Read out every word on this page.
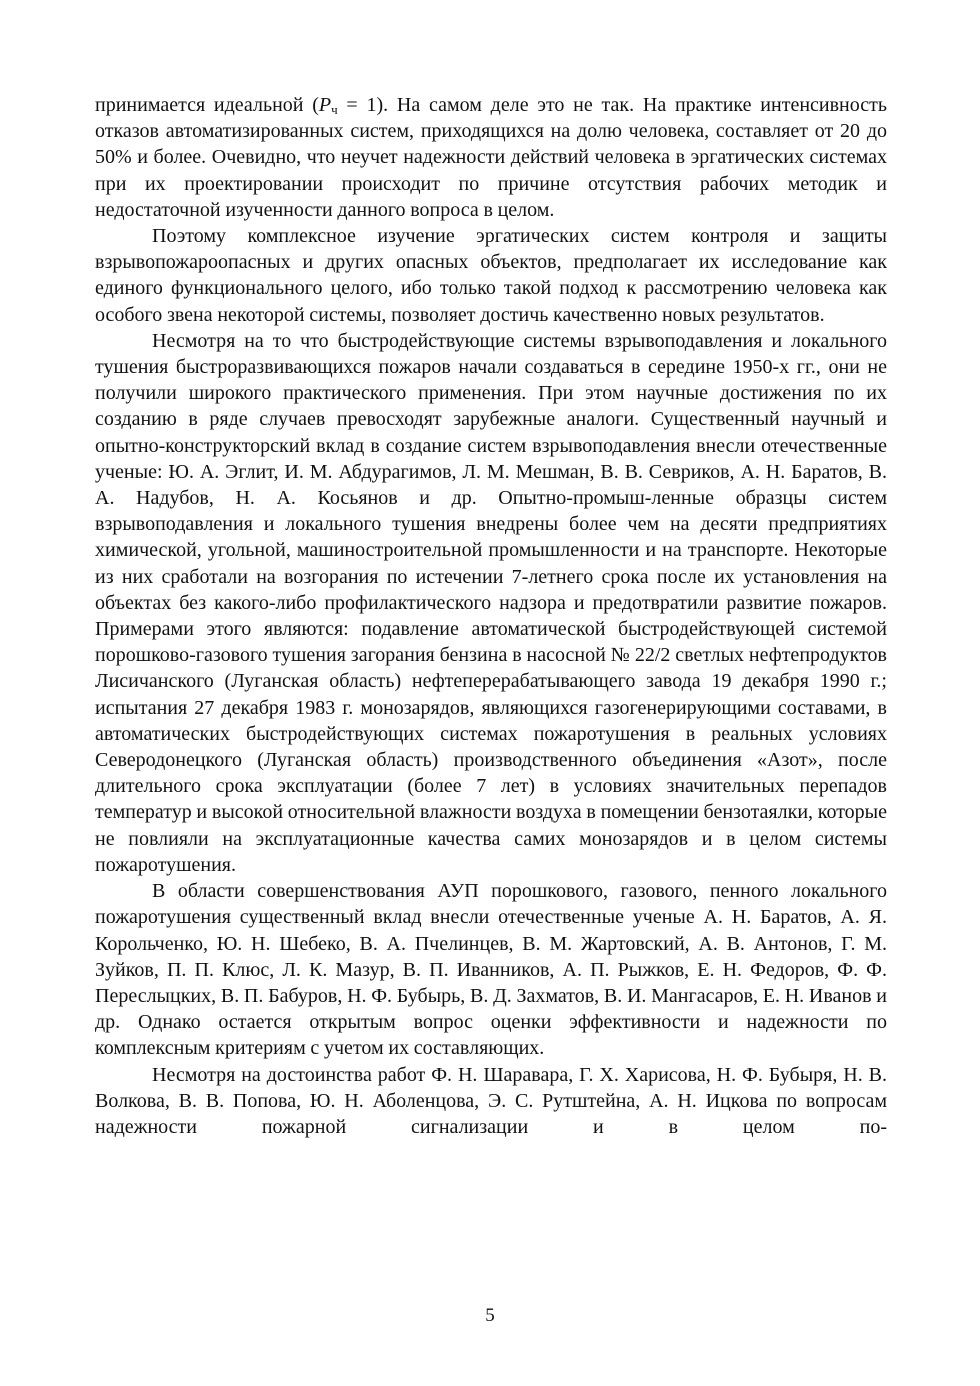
принимается идеальной $(P_ч = 1)$. На самом деле это не так. На практике интенсивность отказов автоматизированных систем, приходящихся на долю человека, составляет от 20 до 50% и более. Очевидно, что неучет надежности действий человека в эргатических системах при их проектировании происходит по причине отсутствия рабочих методик и недостаточной изученности данного вопроса в целом.

Поэтому комплексное изучение эргатических систем контроля и защиты взрывопожароопасных и других опасных объектов, предполагает их исследование как единого функционального целого, ибо только такой подход к рассмотрению человека как особого звена некоторой системы, позволяет достичь качественно новых результатов.

Несмотря на то что быстродействующие системы взрывоподавления и локального тушения быстроразвивающихся пожаров начали создаваться в середине 1950-х гг., они не получили широкого практического применения. При этом научные достижения по их созданию в ряде случаев превосходят зарубежные аналоги. Существенный научный и опытно-конструкторский вклад в создание систем взрывоподавления внесли отечественные ученые: Ю. А. Эглит, И. М. Абдурагимов, Л. М. Мешман, В. В. Севриков, А. Н. Баратов, В. А. Надубов, Н. А. Косьянов и др. Опытно-промыш-ленные образцы систем взрывоподавления и локального тушения внедрены более чем на десяти предприятиях химической, угольной, машиностроительной промышленности и на транспорте. Некоторые из них сработали на возгорания по истечении 7-летнего срока после их установления на объектах без какого-либо профилактического надзора и предотвратили развитие пожаров. Примерами этого являются: подавление автоматической быстродействующей системой порошково-газового тушения загорания бензина в насосной № 22/2 светлых нефтепродуктов Лисичанского (Луганская область) нефтеперерабатывающего завода 19 декабря 1990 г.; испытания 27 декабря 1983 г. монозарядов, являющихся газогенерирующими составами, в автоматических быстродействующих системах пожаротушения в реальных условиях Северодонецкого (Луганская область) производственного объединения «Азот», после длительного срока эксплуатации (более 7 лет) в условиях значительных перепадов температур и высокой относительной влажности воздуха в помещении бензотаялки, которые не повлияли на эксплуатационные качества самих монозарядов и в целом системы пожаротушения.

В области совершенствования АУП порошкового, газового, пенного локального пожаротушения существенный вклад внесли отечественные ученые А. Н. Баратов, А. Я. Корольченко, Ю. Н. Шебеко, В. А. Пчелинцев, В. М. Жартовский, А. В. Антонов, Г. М. Зуйков, П. П. Клюс, Л. К. Мазур, В. П. Иванников, А. П. Рыжков, Е. Н. Федоров, Ф. Ф. Переслыцких, В. П. Бабуров, Н. Ф. Бубырь, В. Д. Захматов, В. И. Мангасаров, Е. Н. Иванов и др. Однако остается открытым вопрос оценки эффективности и надежности по комплексным критериям с учетом их составляющих.

Несмотря на достоинства работ Ф. Н. Шаравара, Г. Х. Харисова, Н. Ф. Бубыря, Н. В. Волкова, В. В. Попова, Ю. Н. Аболенцова, Э. С. Рутштейна, А. Н. Ицкова по вопросам надежности пожарной сигнализации и в целом по-

5
